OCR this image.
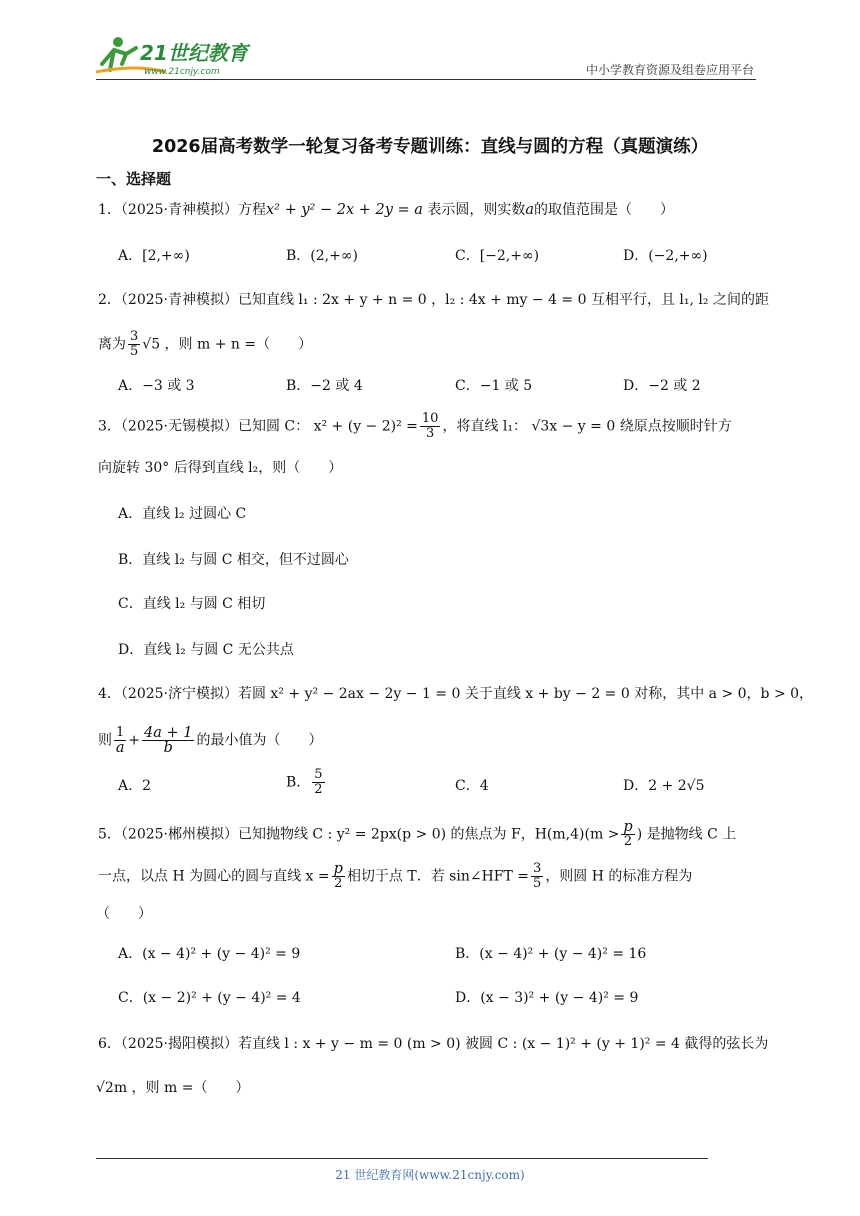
21世纪教育
www.21cnjy.com	中小学教育资源及组卷应用平台
2026届高考数学一轮复习备考专题训练：直线与圆的方程（真题演练）
一、选择题
1．（2025·青神模拟）方程x² + y² − 2x + 2y = a 表示圆，则实数a的取值范围是（　　）
A．[2,+∞)	B．(2,+∞)	C．[−2,+∞)	D．(−2,+∞)
2．（2025·青神模拟）已知直线 l₁ : 2x + y + n = 0 ，l₂ : 4x + my − 4 = 0 互相平行，且 l₁, l₂ 之间的距
离为 $\frac{3}{5} √5$ ，则 m + n =（　　）
A．−3 或 3	B．−2 或 4	C．−1 或 5	D．−2 或 2
3．（2025·无锡模拟）已知圆 C： $x^2 + (y - 2)^2 = \frac{10}{3}$ ，将直线 l₁： √3x − y = 0 绕原点按顺时针方
向旋转 30° 后得到直线 l₂，则（　　）
A．直线 l₂ 过圆心 C
B．直线 l₂ 与圆 C 相交，但不过圆心
C．直线 l₂ 与圆 C 相切
D．直线 l₂ 与圆 C 无公共点
4．（2025·济宁模拟）若圆 x² + y² − 2ax − 2y − 1 = 0 关于直线 x + by − 2 = 0 对称，其中 a > 0，b > 0，
则 $\frac{1}{a} + \frac{4a + 1}{b}$ 的最小值为（　　）
A．2	B． $\frac{5}{2}$	C．4	D．2 + 2√5
5．（2025·郴州模拟）已知抛物线 C : y² = 2px(p > 0) 的焦点为 F，$H(m,4)(m > \frac{p}{2}$ ) 是抛物线 C 上
一点，以点 H 为圆心的圆与直线 $x = \frac{p}{2}$ 相切于点 T．若 sin∠HFT = $\frac{3}{5}$ ，则圆 H 的标准方程为
（　　）
A．(x − 4)² + (y − 4)² = 9	B．(x − 4)² + (y − 4)² = 16
C．(x − 2)² + (y − 4)² = 4	D．(x − 3)² + (y − 4)² = 9
6．（2025·揭阳模拟）若直线 l : x + y − m = 0 (m > 0) 被圆 C : (x − 1)² + (y + 1)² = 4 截得的弦长为
√2m ，则 m =（　　）
21 世纪教育网(www.21cnjy.com)
